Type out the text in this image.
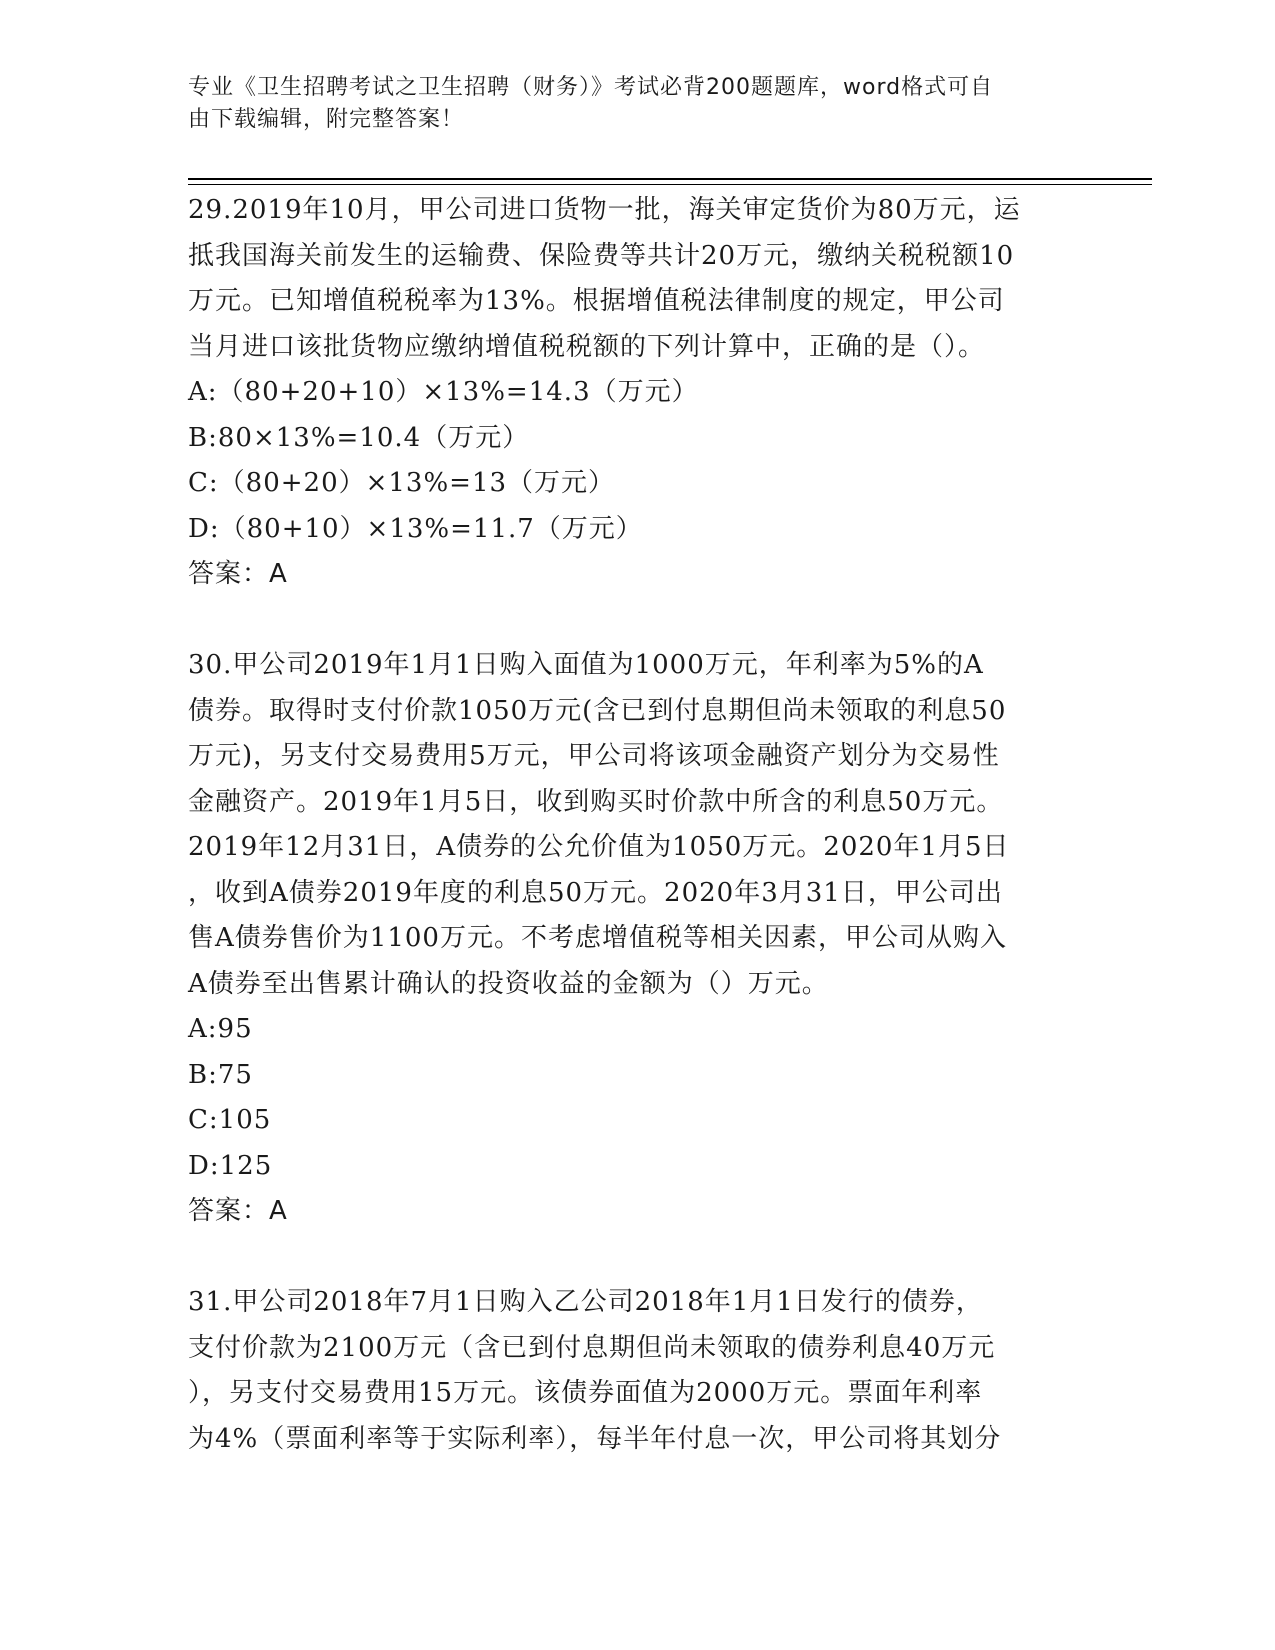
专业《卫生招聘考试之卫生招聘（财务）》考试必背200题题库，word格式可自
由下载编辑，附完整答案！

29.2019年10月，甲公司进口货物一批，海关审定货价为80万元，运

抵我国海关前发生的运输费、保险费等共计20万元，缴纳关税税额10

万元。已知增值税税率为13%。根据增值税法律制度的规定，甲公司

当月进口该批货物应缴纳增值税税额的下列计算中，正确的是（）。

A:（80+20+10）×13%=14.3（万元）

B:80×13%=10.4（万元）

C:（80+20）×13%=13（万元）

D:（80+10）×13%=11.7（万元）

答案：A

30.甲公司2019年1月1日购入面值为1000万元，年利率为5%的A

债券。取得时支付价款1050万元(含已到付息期但尚未领取的利息50

万元)，另支付交易费用5万元，甲公司将该项金融资产划分为交易性

金融资产。2019年1月5日，收到购买时价款中所含的利息50万元。

2019年12月31日，A债券的公允价值为1050万元。2020年1月5日

，收到A债券2019年度的利息50万元。2020年3月31日，甲公司出

售A债券售价为1100万元。不考虑增值税等相关因素，甲公司从购入

A债券至出售累计确认的投资收益的金额为（）万元。

A:95

B:75

C:105

D:125

答案：A

31.甲公司2018年7月1日购入乙公司2018年1月1日发行的债券，

支付价款为2100万元（含已到付息期但尚未领取的债券利息40万元

），另支付交易费用15万元。该债券面值为2000万元。票面年利率

为4%（票面利率等于实际利率），每半年付息一次，甲公司将其划分
